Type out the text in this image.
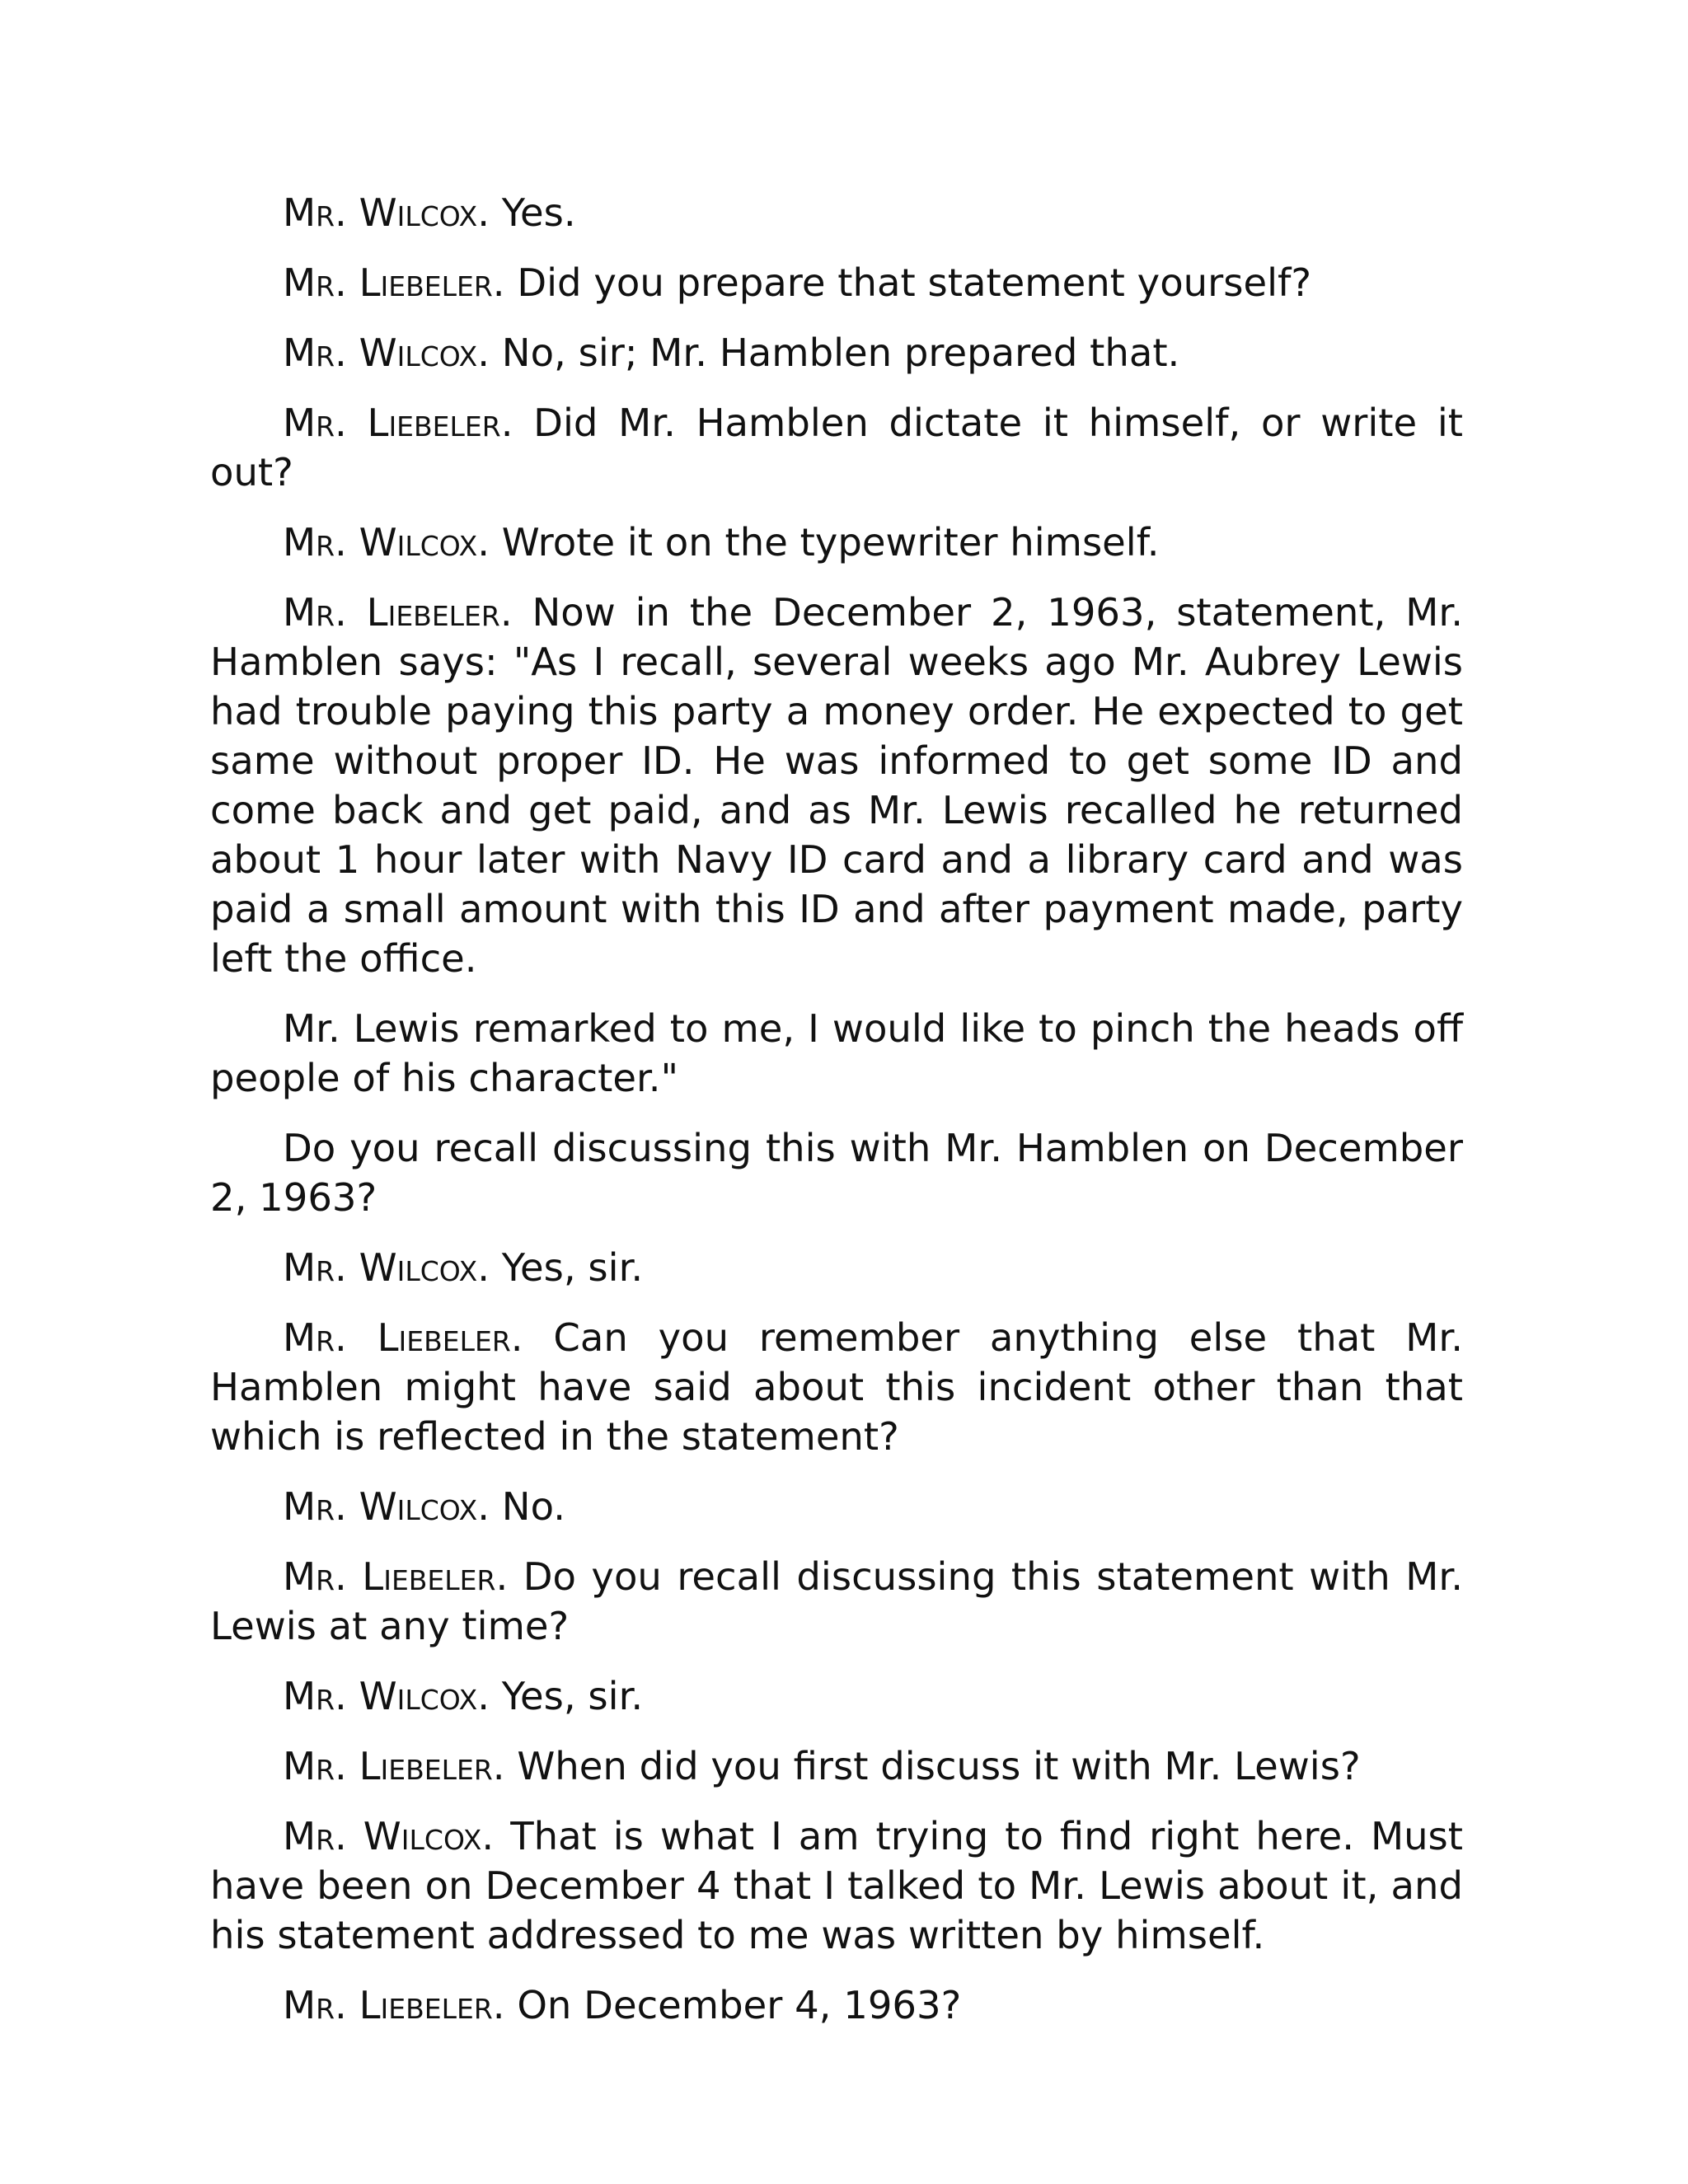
Mr. Wilcox. Yes.

Mr. Liebeler. Did you prepare that statement yourself?

Mr. Wilcox. No, sir; Mr. Hamblen prepared that.

Mr. Liebeler. Did Mr. Hamblen dictate it himself, or write it out?

Mr. Wilcox. Wrote it on the typewriter himself.

Mr. Liebeler. Now in the December 2, 1963, statement, Mr. Hamblen says: "As I recall, several weeks ago Mr. Aubrey Lewis had trouble paying this party a money order. He expected to get same without proper ID. He was informed to get some ID and come back and get paid, and as Mr. Lewis recalled he returned about 1 hour later with Navy ID card and a library card and was paid a small amount with this ID and after payment made, party left the office.

Mr. Lewis remarked to me, I would like to pinch the heads off people of his character."

Do you recall discussing this with Mr. Hamblen on December 2, 1963?

Mr. Wilcox. Yes, sir.

Mr. Liebeler. Can you remember anything else that Mr. Hamblen might have said about this incident other than that which is reflected in the statement?

Mr. Wilcox. No.

Mr. Liebeler. Do you recall discussing this statement with Mr. Lewis at any time?

Mr. Wilcox. Yes, sir.

Mr. Liebeler. When did you first discuss it with Mr. Lewis?

Mr. Wilcox. That is what I am trying to find right here. Must have been on December 4 that I talked to Mr. Lewis about it, and his statement addressed to me was written by himself.

Mr. Liebeler. On December 4, 1963?
